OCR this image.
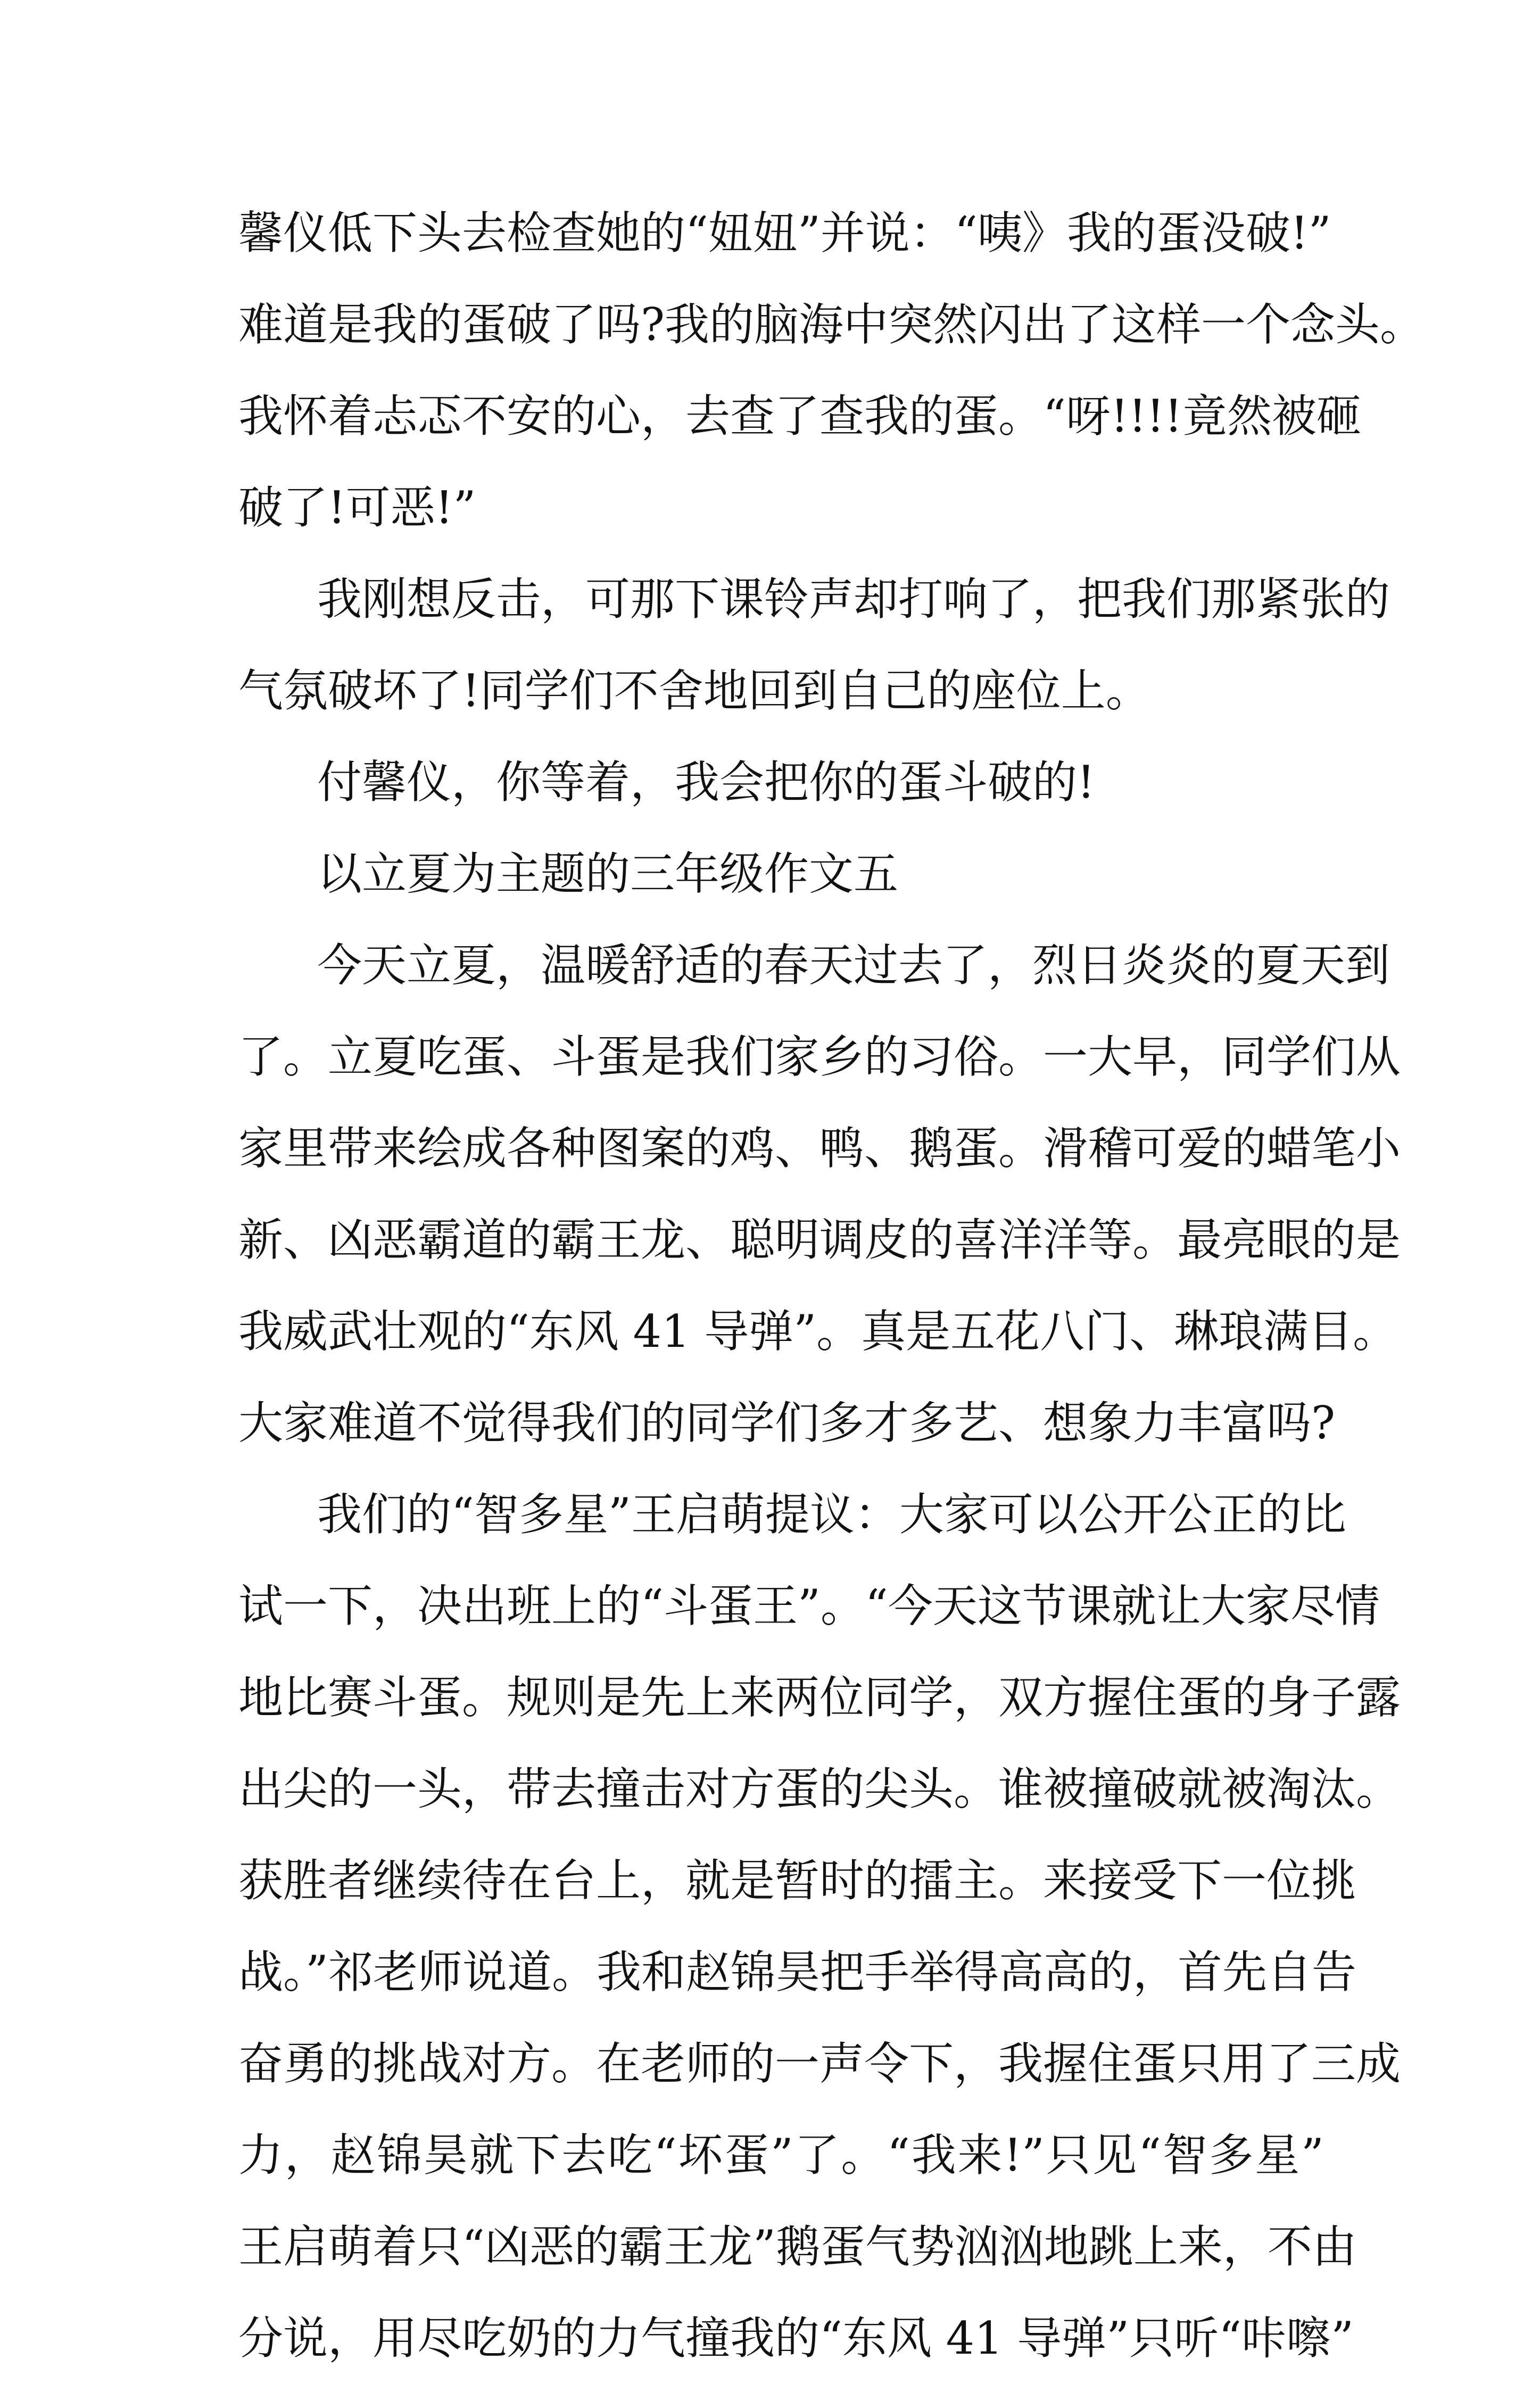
馨仪低下头去检查她的“妞妞”并说：“咦》我的蛋没破!”
难道是我的蛋破了吗?我的脑海中突然闪出了这样一个念头。
我怀着忐忑不安的心，去查了查我的蛋。“呀!!!!竟然被砸
破了!可恶!”
我刚想反击，可那下课铃声却打响了，把我们那紧张的
气氛破坏了!同学们不舍地回到自己的座位上。
付馨仪，你等着，我会把你的蛋斗破的!
以立夏为主题的三年级作文五
今天立夏，温暖舒适的春天过去了，烈日炎炎的夏天到
了。立夏吃蛋、斗蛋是我们家乡的习俗。一大早，同学们从
家里带来绘成各种图案的鸡、鸭、鹅蛋。滑稽可爱的蜡笔小
新、凶恶霸道的霸王龙、聪明调皮的喜洋洋等。最亮眼的是
我威武壮观的“东风 41 导弹”。真是五花八门、琳琅满目。
大家难道不觉得我们的同学们多才多艺、想象力丰富吗?
我们的“智多星”王启萌提议：大家可以公开公正的比
试一下，决出班上的“斗蛋王”。“今天这节课就让大家尽情
地比赛斗蛋。规则是先上来两位同学，双方握住蛋的身子露
出尖的一头，带去撞击对方蛋的尖头。谁被撞破就被淘汰。
获胜者继续待在台上，就是暂时的擂主。来接受下一位挑
战。”祁老师说道。我和赵锦昊把手举得高高的，首先自告
奋勇的挑战对方。在老师的一声令下，我握住蛋只用了三成
力，赵锦昊就下去吃“坏蛋”了。“我来!”只见“智多星”
王启萌着只“凶恶的霸王龙”鹅蛋气势汹汹地跳上来，不由
分说，用尽吃奶的力气撞我的“东风 41 导弹”只听“咔嚓”
